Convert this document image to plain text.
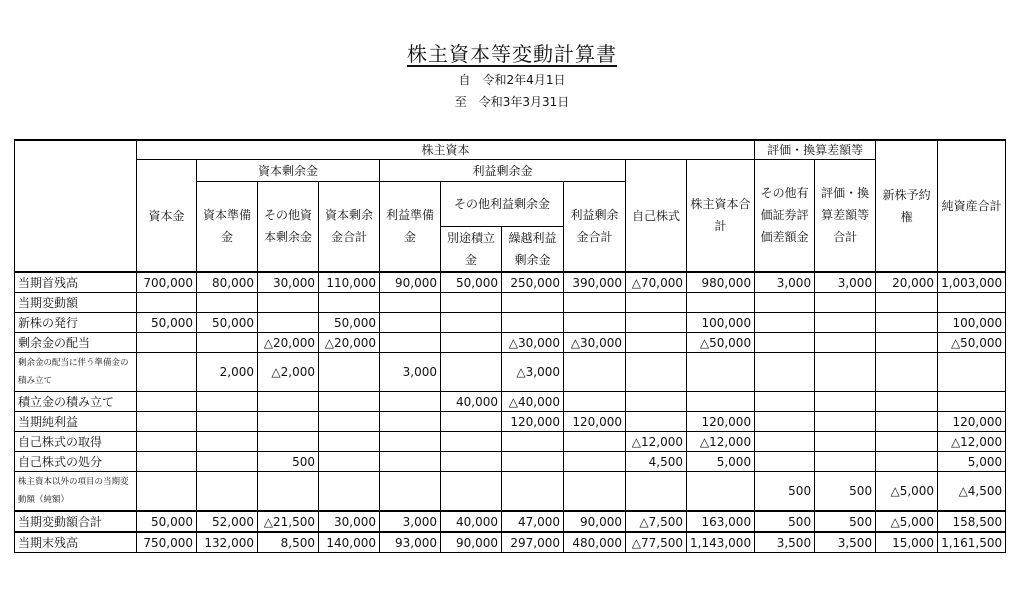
株主資本等変動計算書
自　令和2年4月1日
至　令和3年3月31日
	株主資本										評価・換算差額等		新株予約権	純資産合計
	資本金	資本剰余金			利益剰余金				自己株式	株主資本合計	その他有価証券評価差額金	評価・換算差額等合計		
		資本準備金	その他資本剰余金	資本剰余金合計	利益準備金	その他利益剰余金		利益剰余金合計						
						別途積立金	繰越利益剰余金							

当期首残高	700,000	80,000	30,000	110,000	90,000	50,000	250,000	390,000	△70,000	980,000	3,000	3,000	20,000	1,003,000
当期変動額														
新株の発行	50,000	50,000		50,000						100,000				100,000
剰余金の配当			△20,000	△20,000			△30,000	△30,000		△50,000				△50,000
剰余金の配当に伴う準備金の積み立て		2,000	△2,000		3,000		△3,000							
積立金の積み立て						40,000	△40,000							
当期純利益							120,000	120,000		120,000				120,000
自己株式の取得									△12,000	△12,000				△12,000
自己株式の処分			500						4,500	5,000				5,000
株主資本以外の項目の当期変動額（純額）											500	500	△5,000	△4,500
当期変動額合計	50,000	52,000	△21,500	30,000	3,000	40,000	47,000	90,000	△7,500	163,000	500	500	△5,000	158,500
当期末残高	750,000	132,000	8,500	140,000	93,000	90,000	297,000	480,000	△77,500	1,143,000	3,500	3,500	15,000	1,161,500
